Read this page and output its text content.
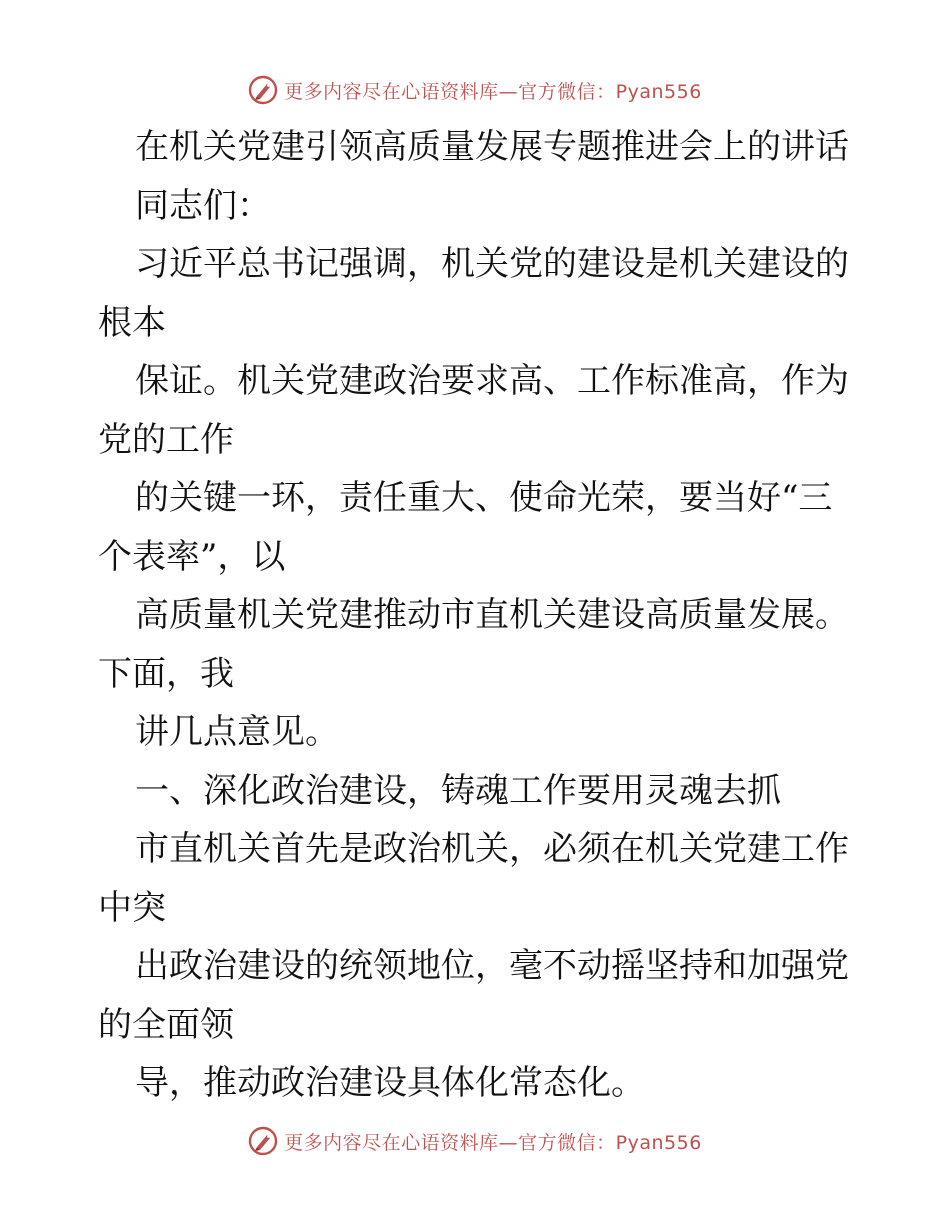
更多内容尽在心语资料库—官方微信：Pyan556
在机关党建引领高质量发展专题推进会上的讲话
同志们：
习近平总书记强调，机关党的建设是机关建设的
根本
保证。机关党建政治要求高、工作标准高，作为
党的工作
的关键一环，责任重大、使命光荣，要当好“三
个表率”，以
高质量机关党建推动市直机关建设高质量发展。
下面，我
讲几点意见。
一、深化政治建设，铸魂工作要用灵魂去抓
市直机关首先是政治机关，必须在机关党建工作
中突
出政治建设的统领地位，毫不动摇坚持和加强党
的全面领
导，推动政治建设具体化常态化。
更多内容尽在心语资料库—官方微信：Pyan556
